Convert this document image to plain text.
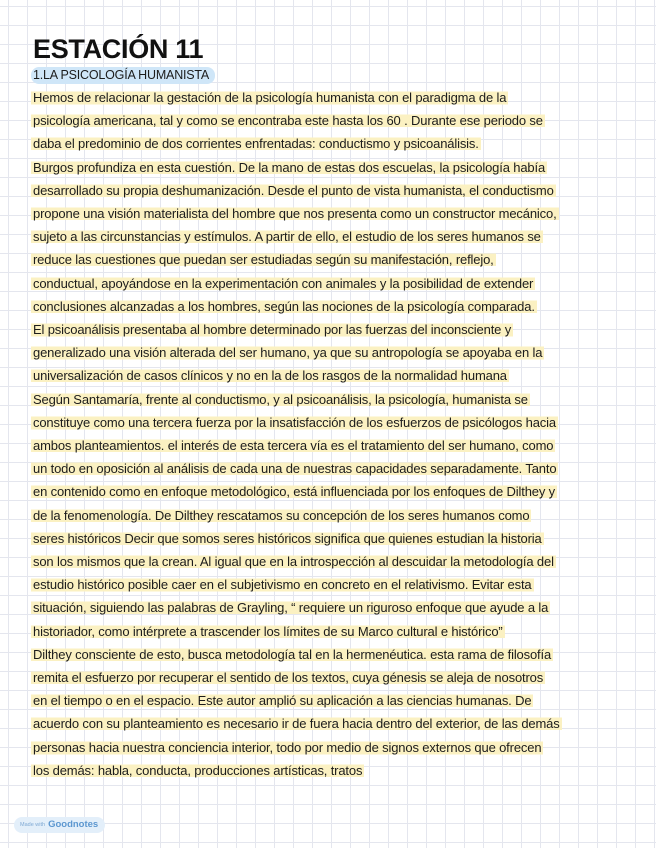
ESTACIÓN 11
1.LA PSICOLOGÍA HUMANISTA
Hemos de relacionar la gestación de la psicología humanista con el paradigma de la
psicología americana, tal y como se encontraba este hasta los 60 . Durante ese periodo se
daba el predominio de dos corrientes enfrentadas: conductismo y psicoanálisis.
Burgos profundiza en esta cuestión. De la mano de estas dos escuelas, la psicología había
desarrollado su propia deshumanización. Desde el punto de vista humanista, el conductismo
propone una visión materialista del hombre que nos presenta como un constructor mecánico,
sujeto a las circunstancias y estímulos. A partir de ello, el estudio de los seres humanos se
reduce las cuestiones que puedan ser estudiadas según su manifestación, reflejo,
conductual, apoyándose en la experimentación con animales y la posibilidad de extender
conclusiones alcanzadas a los hombres, según las nociones de la psicología comparada.
El psicoanálisis presentaba al hombre determinado por las fuerzas del inconsciente y
generalizado una visión alterada del ser humano, ya que su antropología se apoyaba en la
universalización de casos clínicos y no en la de los rasgos de la normalidad humana
Según Santamaría, frente al conductismo, y al psicoanálisis, la psicología, humanista se
constituye como una tercera fuerza por la insatisfacción de los esfuerzos de psicólogos hacia
ambos planteamientos. el interés de esta tercera vía es el tratamiento del ser humano, como
un todo en oposición al análisis de cada una de nuestras capacidades separadamente. Tanto
en contenido como en enfoque metodológico, está influenciada por los enfoques de Dilthey y
de la fenomenología. De Dilthey rescatamos su concepción de los seres humanos como
seres históricos Decir que somos seres históricos significa que quienes estudian la historia
son los mismos que la crean. Al igual que en la introspección al descuidar la metodología del
estudio histórico posible caer en el subjetivismo en concreto en el relativismo. Evitar esta
situación, siguiendo las palabras de Grayling, “ requiere un riguroso enfoque que ayude a la
historiador, como intérprete a trascender los límites de su Marco cultural e histórico”
Dilthey consciente de esto, busca metodología tal en la hermenéutica. esta rama de filosofía
remita el esfuerzo por recuperar el sentido de los textos, cuya génesis se aleja de nosotros
en el tiempo o en el espacio. Este autor amplió su aplicación a las ciencias humanas. De
acuerdo con su planteamiento es necesario ir de fuera hacia dentro del exterior, de las demás
personas hacia nuestra conciencia interior, todo por medio de signos externos que ofrecen
los demás: habla, conducta, producciones artísticas, tratos
Made with Goodnotes
